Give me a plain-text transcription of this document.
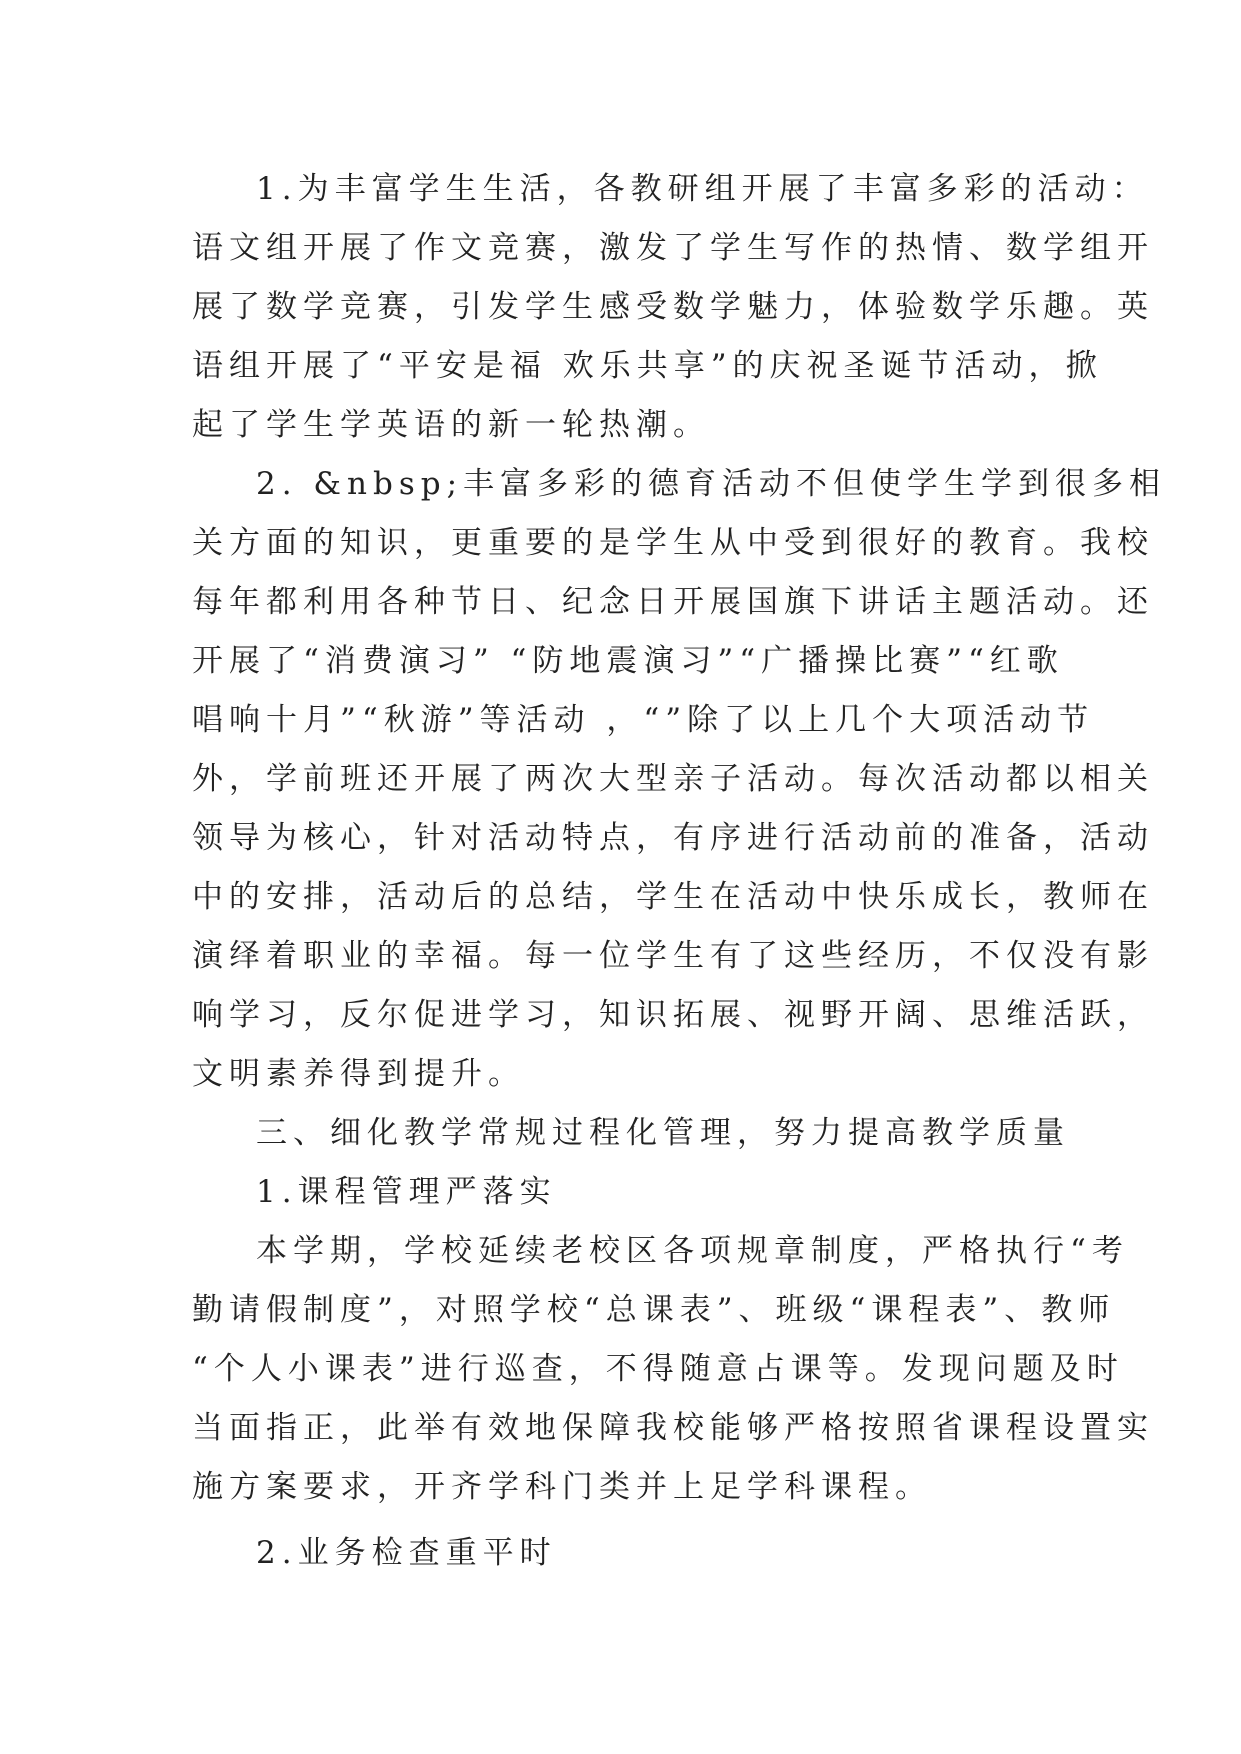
1.为丰富学生生活，各教研组开展了丰富多彩的活动：
语文组开展了作文竞赛，激发了学生写作的热情、数学组开
展了数学竞赛，引发学生感受数学魅力，体验数学乐趣。英
语组开展了“平安是福 欢乐共享”的庆祝圣诞节活动，掀
起了学生学英语的新一轮热潮。
2. &nbsp;丰富多彩的德育活动不但使学生学到很多相
关方面的知识，更重要的是学生从中受到很好的教育。我校
每年都利用各种节日、纪念日开展国旗下讲话主题活动。还
开展了“消费演习” “防地震演习”“广播操比赛”“红歌
唱响十月”“秋游”等活动 ，“”除了以上几个大项活动节
外，学前班还开展了两次大型亲子活动。每次活动都以相关
领导为核心，针对活动特点，有序进行活动前的准备，活动
中的安排，活动后的总结，学生在活动中快乐成长，教师在
演绎着职业的幸福。每一位学生有了这些经历，不仅没有影
响学习，反尔促进学习，知识拓展、视野开阔、思维活跃，
文明素养得到提升。
三、细化教学常规过程化管理，努力提高教学质量
1.课程管理严落实
本学期，学校延续老校区各项规章制度，严格执行“考
勤请假制度”，对照学校“总课表”、班级“课程表”、教师
“个人小课表”进行巡查，不得随意占课等。发现问题及时
当面指正，此举有效地保障我校能够严格按照省课程设置实
施方案要求，开齐学科门类并上足学科课程。
2.业务检查重平时
